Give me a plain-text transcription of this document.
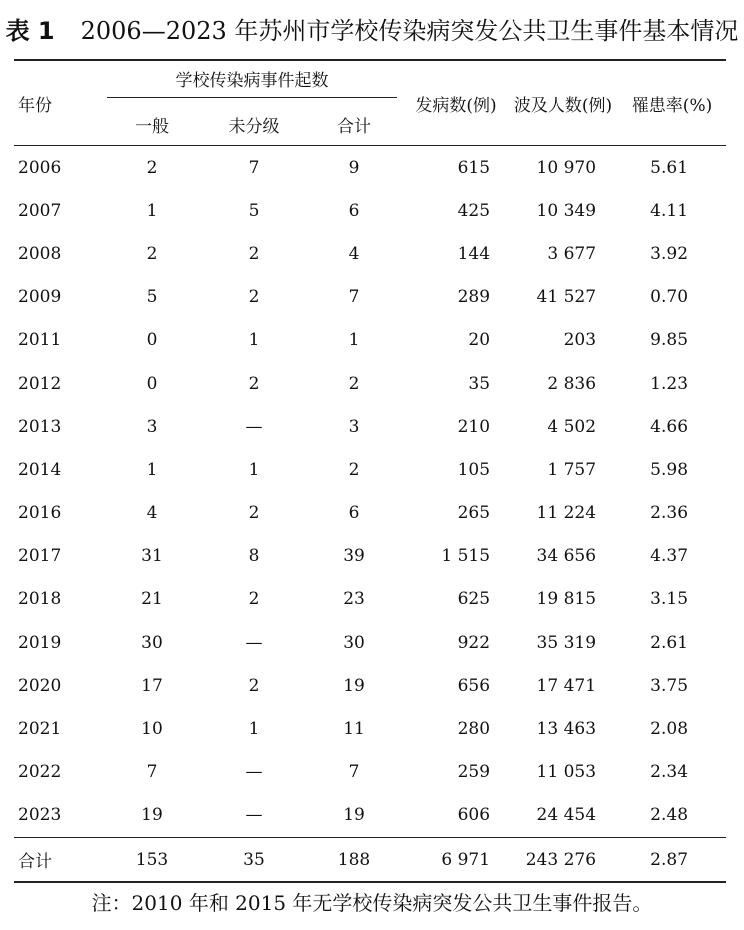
表 1 2006—2023 年苏州市学校传染病突发公共卫生事件基本情况
年份	学校传染病事件起数			发病数(例)	波及人数(例)	罹患率(%)
	一般	未分级	合计			
2006	2	7	9	615	10 970	5.61
2007	1	5	6	425	10 349	4.11
2008	2	2	4	144	3 677	3.92
2009	5	2	7	289	41 527	0.70
2011	0	1	1	20	203	9.85
2012	0	2	2	35	2 836	1.23
2013	3	—	3	210	4 502	4.66
2014	1	1	2	105	1 757	5.98
2016	4	2	6	265	11 224	2.36
2017	31	8	39	1 515	34 656	4.37
2018	21	2	23	625	19 815	3.15
2019	30	—	30	922	35 319	2.61
2020	17	2	19	656	17 471	3.75
2021	10	1	11	280	13 463	2.08
2022	7	—	7	259	11 053	2.34
2023	19	—	19	606	24 454	2.48
合计	153	35	188	6 971	243 276	2.87
注：2010 年和 2015 年无学校传染病突发公共卫生事件报告。
